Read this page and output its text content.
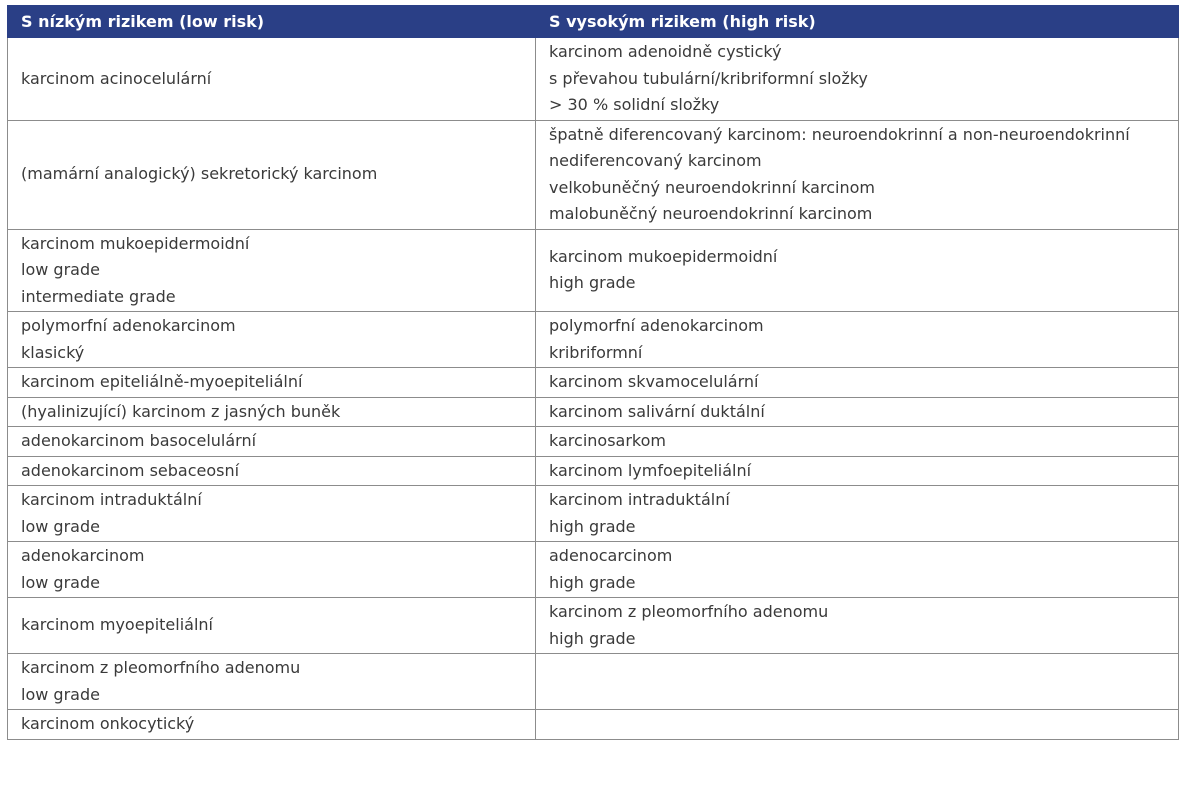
S nízkým rizikem (low risk)	S vysokým rizikem (high risk)

karcinom acinocelulární	karcinom adenoidně cystický
s převahou tubulární/kribriformní složky
> 30 % solidní složky

(mamární analogický) sekretorický karcinom	špatně diferencovaný karcinom: neuroendokrinní a non-neuroendokrinní
nediferencovaný karcinom
velkobuněčný neuroendokrinní karcinom
malobuněčný neuroendokrinní karcinom

karcinom mukoepidermoidní
low grade
intermediate grade	karcinom mukoepidermoidní
high grade

polymorfní adenokarcinom
klasický	polymorfní adenokarcinom
kribriformní

karcinom epiteliálně-myoepiteliální	karcinom skvamocelulární

(hyalinizující) karcinom z jasných buněk	karcinom salivární duktální

adenokarcinom basocelulární	karcinosarkom

adenokarcinom sebaceosní	karcinom lymfoepiteliální

karcinom intraduktální
low grade	karcinom intraduktální
high grade

adenokarcinom
low grade	adenocarcinom
high grade

karcinom myoepiteliální	karcinom z pleomorfního adenomu
high grade

karcinom z pleomorfního adenomu
low grade	

karcinom onkocytický	
